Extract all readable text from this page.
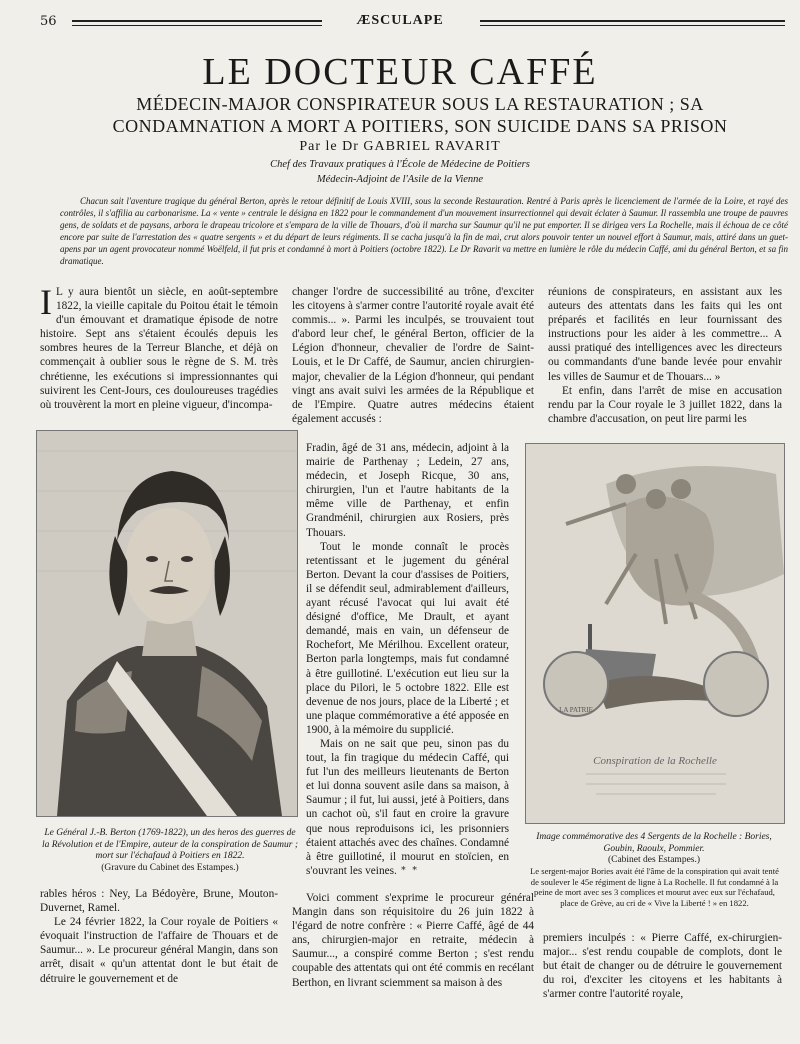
56	ÆSCULAPE
LE DOCTEUR CAFFÉ
MÉDECIN-MAJOR CONSPIRATEUR SOUS LA RESTAURATION ; SA CONDAMNATION A MORT A POITIERS, SON SUICIDE DANS SA PRISON
Par le Dr GABRIEL RAVARIT
Chef des Travaux pratiques à l'École de Médecine de Poitiers
Médecin-Adjoint de l'Asile de la Vienne
Chacun sait l'aventure tragique du général Berton, après le retour définitif de Louis XVIII, sous la seconde Restauration. Rentré à Paris après le licenciement de l'armée de la Loire, et rayé des contrôles, il s'affilia au carbonarisme. La « vente » centrale le désigna en 1822 pour le commandement d'un mouvement insurrectionnel qui devait éclater à Saumur. Il rassembla une troupe de pauvres gens, de soldats et de paysans, arbora le drapeau tricolore et s'empara de la ville de Thouars, d'où il marcha sur Saumur qu'il ne put emporter. Il se dirigea vers La Rochelle, mais il échoua de ce côté encore par suite de l'arrestation des « quatre sergents » et du départ de leurs régiments. Il se cacha jusqu'à la fin de mai, crut alors pouvoir tenter un nouvel effort à Saumur, mais, attiré dans un guet-apens par un agent provocateur nommé Woëlfeld, il fut pris et condamné à mort à Poitiers (octobre 1822). Le Dr Ravarit va mettre en lumière le rôle du médecin Caffé, ami du général Berton, et sa fin dramatique.

I L y aura bientôt un siècle, en août-septembre 1822, la vieille capitale du Poitou était le témoin d'un émouvant et dramatique épisode de notre histoire. Sept ans s'étaient écoulés depuis les sombres heures de la Terreur Blanche, et déjà on commençait à oublier sous le règne de S. M. très chrétienne, les exécutions si impressionnantes qui suivirent les Cent-Jours, ces douloureuses tragédies où trouvèrent la mort en pleine vigueur, d'incompa-

Le Général J.-B. Berton (1769-1822), un des heros des guerres de la Révolution et de l'Empire, auteur de la conspiration de Saumur ; mort sur l'échafaud à Poitiers en 1822.
(Gravure du Cabinet des Estampes.)

rables héros : Ney, La Bédoyère, Brune, Mouton-Duvernet, Ramel.

Le 24 février 1822, la Cour royale de Poitiers « évoquait l'instruction de l'affaire de Thouars et de Saumur... ». Le procureur général Mangin, dans son arrêt, disait « qu'un attentat dont le but était de détruire le gouvernement et de

changer l'ordre de successibilité au trône, d'exciter les citoyens à s'armer contre l'autorité royale avait été commis... ». Parmi les inculpés, se trouvaient tout d'abord leur chef, le général Berton, officier de la Légion d'honneur, chevalier de l'ordre de Saint-Louis, et le Dr Caffé, de Saumur, ancien chirurgien-major, chevalier de la Légion d'honneur, qui pendant vingt ans avait suivi les armées de la République et de l'Empire. Quatre autres médecins étaient également accusés :

Fradin, âgé de 31 ans, médecin, adjoint à la mairie de Parthenay ; Ledein, 27 ans, médecin, et Joseph Ricque, 30 ans, chirurgien, l'un et l'autre habitants de la même ville de Parthenay, et enfin Grandménil, chirurgien aux Rosiers, près Thouars.

Tout le monde connaît le procès retentissant et le jugement du général Berton. Devant la cour d'assises de Poitiers, il se défendit seul, admirablement d'ailleurs, ayant récusé l'avocat qui lui avait été désigné d'office, Me Drault, et ayant demandé, mais en vain, un défenseur de Rochefort, Me Mérilhou. Excellent orateur, Berton parla longtemps, mais fut condamné à être guillotiné. L'exécution eut lieu sur la place du Pilori, le 5 octobre 1822. Elle est devenue de nos jours, place de la Liberté ; et une plaque commémorative a été apposée en 1900, à la mémoire du supplicié.

Mais on ne sait que peu, sinon pas du tout, la fin tragique du médecin Caffé, qui fut l'un des meilleurs lieutenants de Berton et lui donna souvent asile dans sa maison, à Saumur ; il fut, lui aussi, jeté à Poitiers, dans un cachot où, s'il faut en croire la gravure que nous reproduisons ici, les prisonniers étaient attachés avec des chaînes. Condamné à être guillotiné, il mourut en stoïcien, en s'ouvrant les veines. * *

Voici comment s'exprime le procureur général Mangin dans son réquisitoire du 26 juin 1822 à l'égard de notre confrère : « Pierre Caffé, âgé de 44 ans, chirurgien-major en retraite, médecin à Saumur..., a conspiré comme Berton ; s'est rendu coupable des attentats qui ont été commis en recélant Berthon, en livrant sciemment sa maison à des

réunions de conspirateurs, en assistant aux les auteurs des attentats dans les faits qui les ont préparés et facilités en leur fournissant des instructions pour les aider à les commettre... A aussi pratiqué des intelligences avec les directeurs ou commandants d'une bande levée pour envahir les villes de Saumur et de Thouars... »

Et enfin, dans l'arrêt de mise en accusation rendu par la Cour royale le 3 juillet 1822, dans la chambre d'accusation, on peut lire parmi les

LA PATRIE
Conspiration de la Rochelle
Image commémorative des 4 Sergents de la Rochelle : Bories, Goubin, Raoulx, Pommier.
(Cabinet des Estampes.)
Le sergent-major Bories avait été l'âme de la conspiration qui avait tenté de soulever le 45e régiment de ligne à La Rochelle. Il fut condamné à la peine de mort avec ses 3 complices et mourut avec eux sur l'échafaud, place de Grève, au cri de « Vive la Liberté ! » en 1822.

premiers inculpés : « Pierre Caffé, ex-chirurgien-major... s'est rendu coupable de complots, dont le but était de changer ou de détruire le gouvernement du roi, d'exciter les citoyens et les habitants à s'armer contre l'autorité royale,
